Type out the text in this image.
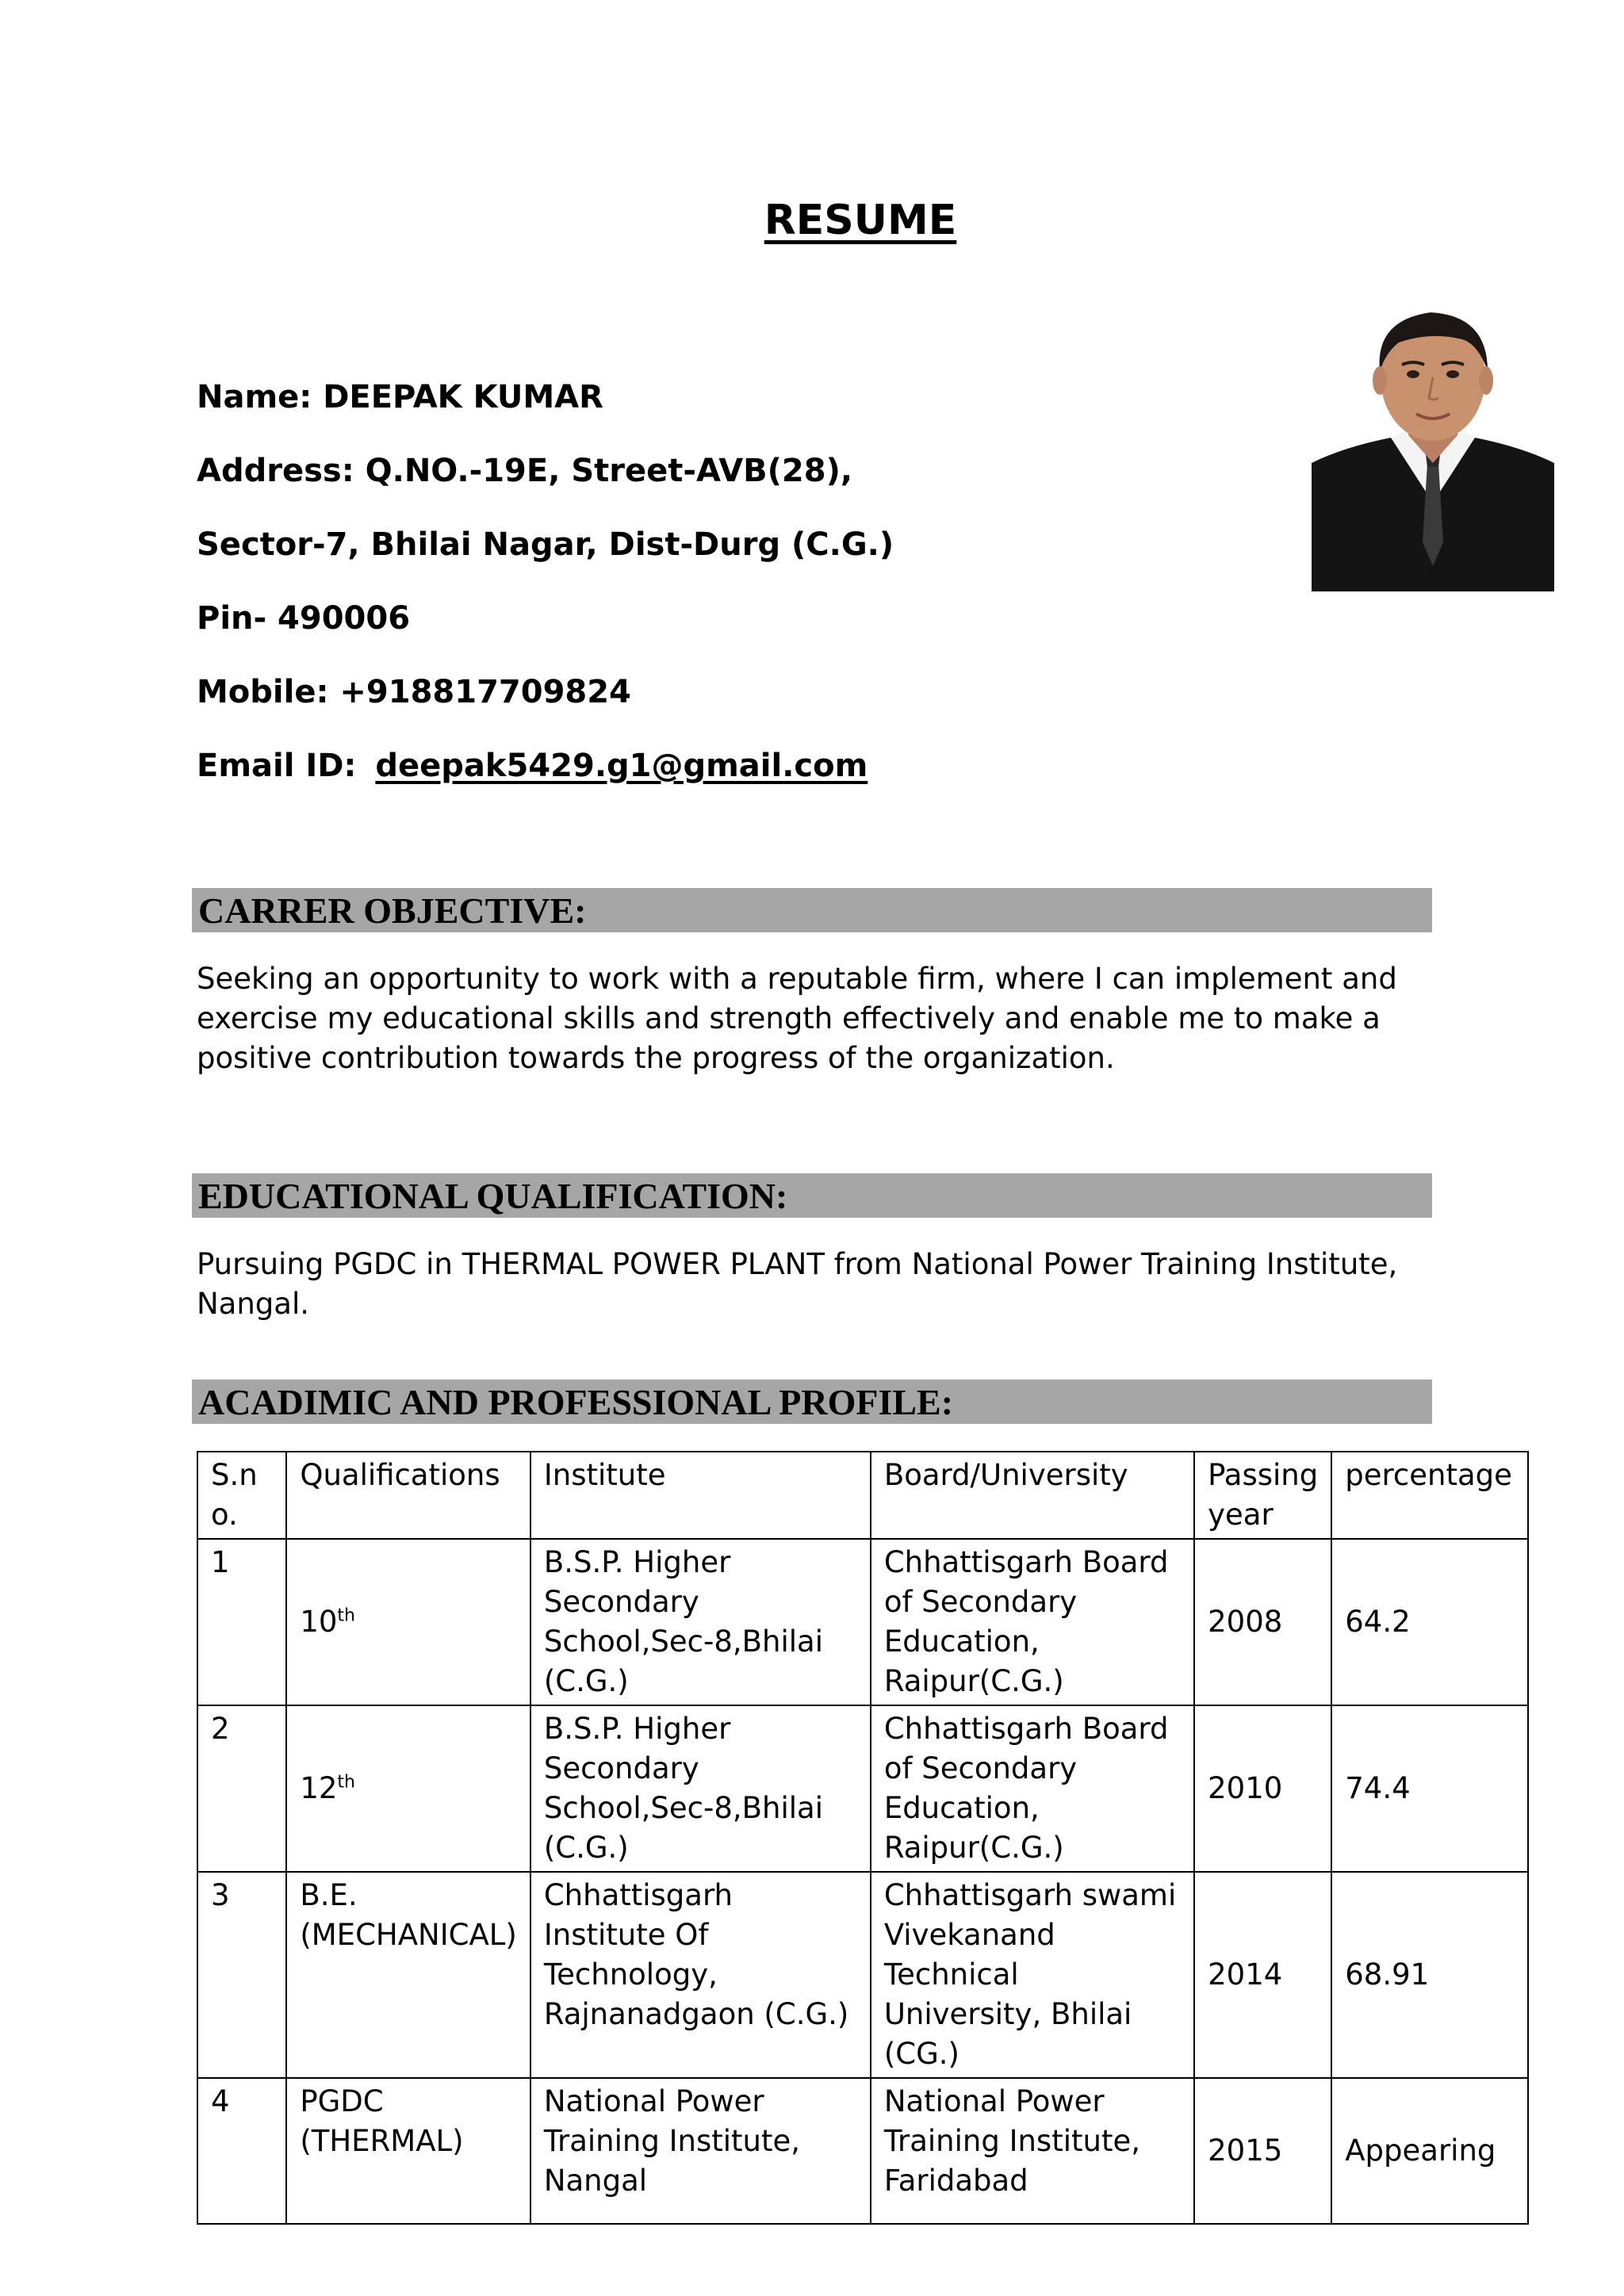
RESUME
Name: DEEPAK KUMAR
Address: Q.NO.-19E, Street-AVB(28),
Sector-7, Bhilai Nagar, Dist-Durg (C.G.)
Pin- 490006
Mobile: +918817709824
Email ID: deepak5429.g1@gmail.com
CARRER OBJECTIVE:
Seeking an opportunity to work with a reputable firm, where I can implement and exercise my educational skills and strength effectively and enable me to make a positive contribution towards the progress of the organization.
EDUCATIONAL QUALIFICATION:
Pursuing PGDC in THERMAL POWER PLANT from National Power Training Institute, Nangal.
ACADIMIC AND PROFESSIONAL PROFILE:
S.no.	Qualifications	Institute	Board/University	Passing year	percentage
1	10th	B.S.P. Higher Secondary School,Sec-8,Bhilai (C.G.)	Chhattisgarh Board of Secondary Education, Raipur(C.G.)	2008	64.2
2	12th	B.S.P. Higher Secondary School,Sec-8,Bhilai (C.G.)	Chhattisgarh Board of Secondary Education, Raipur(C.G.)	2010	74.4
3	B.E. (MECHANICAL)	Chhattisgarh Institute Of Technology, Rajnanadgaon (C.G.)	Chhattisgarh swami Vivekanand Technical University, Bhilai (CG.)	2014	68.91
4	PGDC (THERMAL)	National Power Training Institute, Nangal	National Power Training Institute, Faridabad	2015	Appearing
